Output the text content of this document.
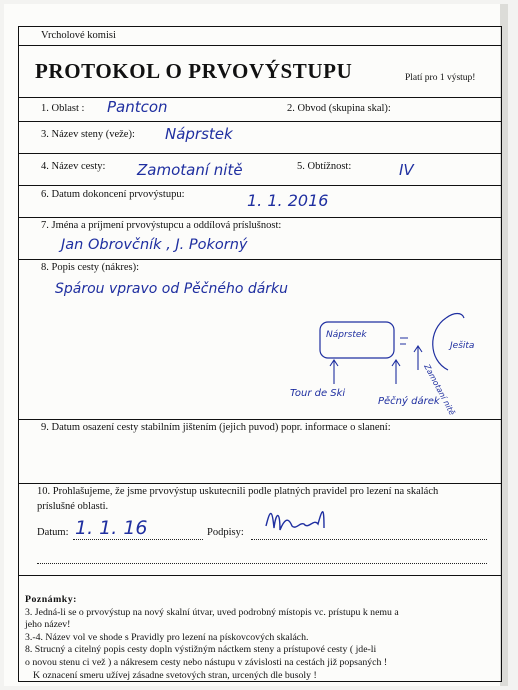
Vrcholové komisi
PROTOKOL O PRVOVÝSTUPU	Platí pro 1 výstup!
1. Oblast : Pantcon	2. Obvod (skupina skal):
3. Název steny (veže): Náprstek
4. Název cesty: Zamotaní nitě	5. Obtížnost:	IV
6. Datum dokoncení prvovýstupu:	1. 1. 2016
7. Jména a príjmení prvovýstupcu a oddílová príslušnost:
Jan Obrovčník , J. Pokorný
8. Popis cesty (nákres):
Spárou vpravo od Pěčného dárku
9. Datum osazení cesty stabilním jištením (jejich puvod) popr. informace o slanení:
10. Prohlašujeme, že jsme prvovýstup uskutecnili podle platných pravidel pro lezení na skalách
príslušné oblasti.
Datum: 1. 1. 16	Podpisy:
Poznámky:
3. Jedná-li se o prvovýstup na nový skalní útvar, uved podrobný místopis vc. prístupu k nemu a
jeho název!
3.-4. Název vol ve shode s Pravidly pro lezení na pískovcových skalách.
8. Strucný a citelný popis cesty dopln výstižným náctkem steny a prístupové cesty ( jde-li
o novou stenu ci vež ) a nákresem cesty nebo nástupu v závislosti na cestách již popsaných !
K oznacení smeru užívej zásadne svetových stran, urcených dle busoly !
Náprstek
Ješita
Tour de Ski
Pěčný dárek
Zamotaní nitě
